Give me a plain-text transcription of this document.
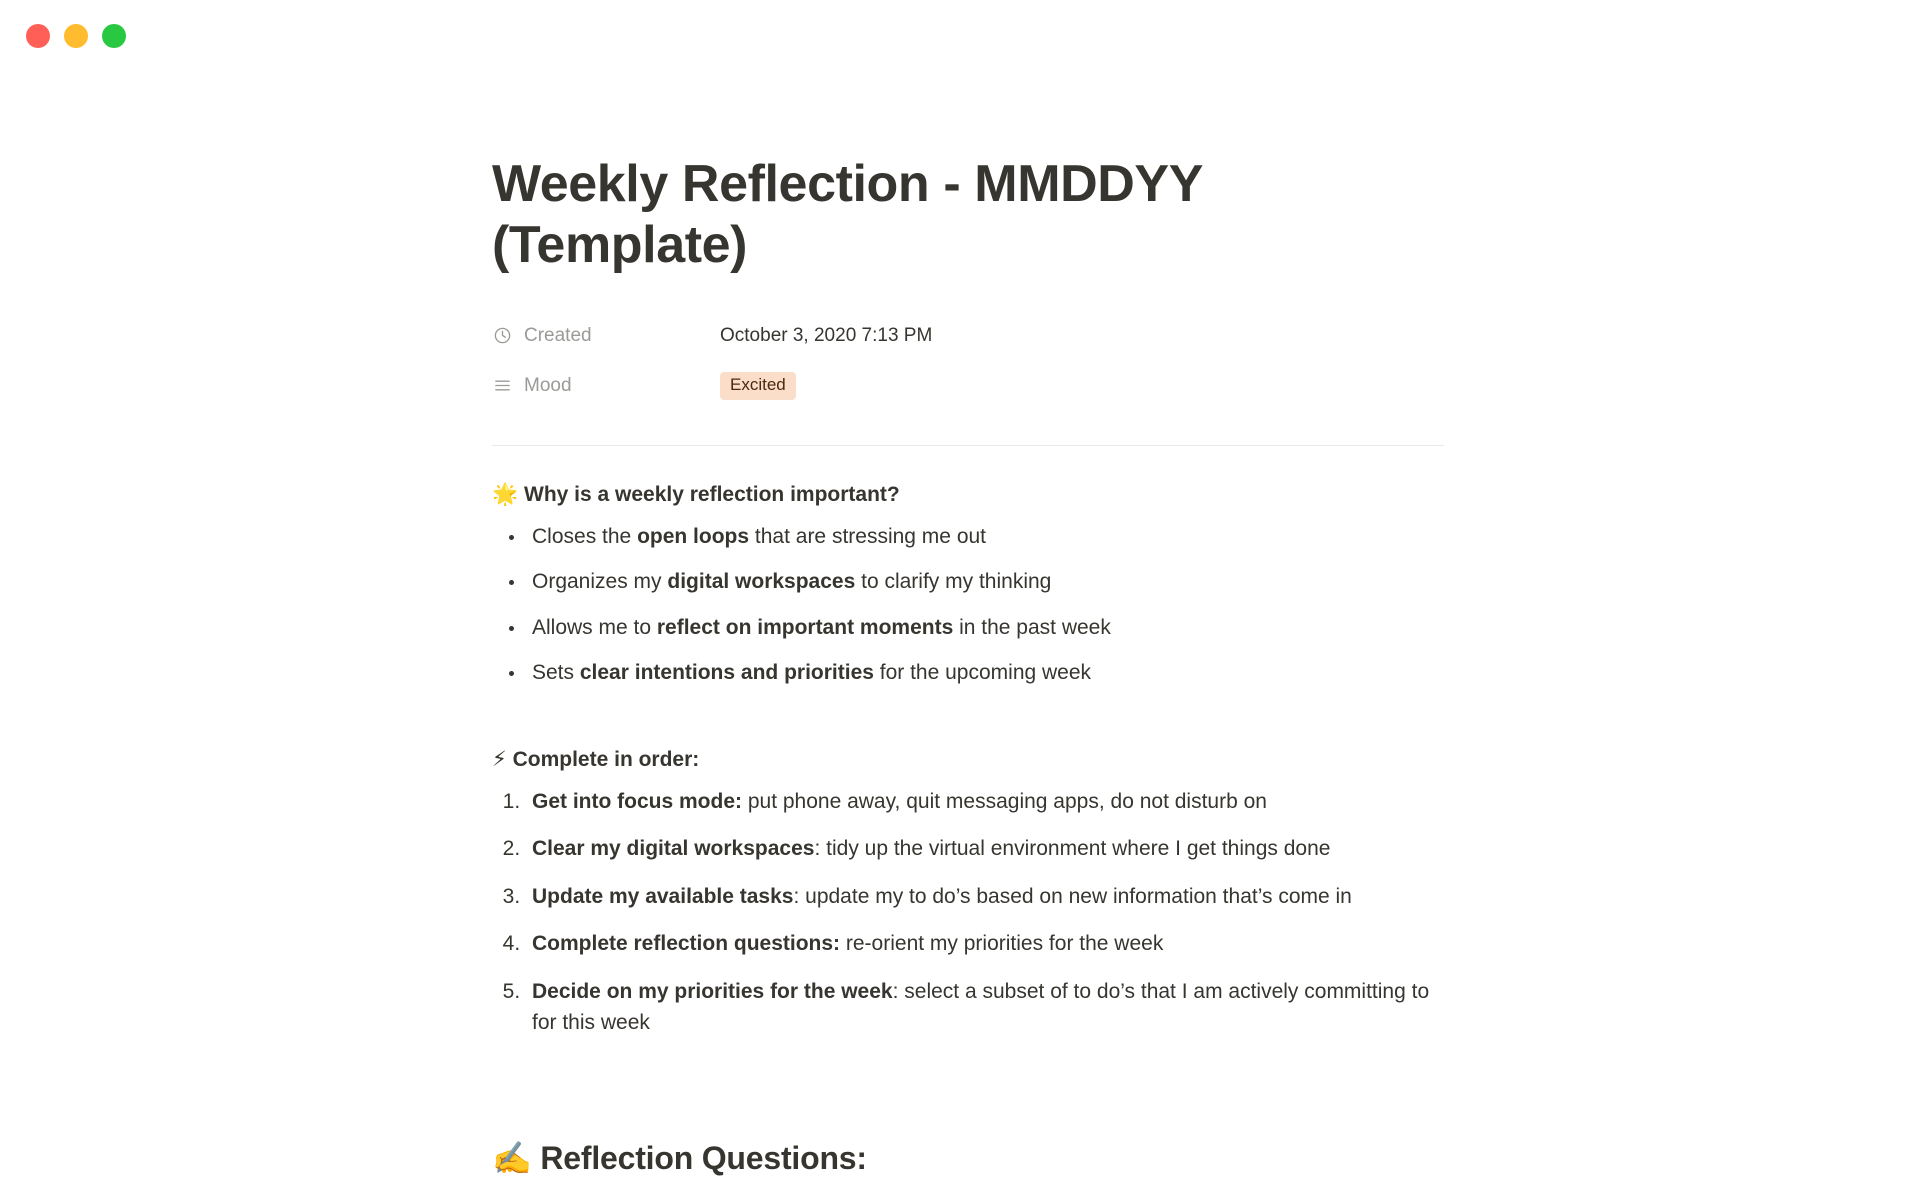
Weekly Reflection - MMDDYY (Template)
Created	October 3, 2020 7:13 PM
Mood	Excited
🌟 Why is a weekly reflection important?
• Closes the open loops that are stressing me out
• Organizes my digital workspaces to clarify my thinking
• Allows me to reflect on important moments in the past week
• Sets clear intentions and priorities for the upcoming week
⚡ Complete in order:
1. Get into focus mode: put phone away, quit messaging apps, do not disturb on
2. Clear my digital workspaces: tidy up the virtual environment where I get things done
3. Update my available tasks: update my to do’s based on new information that’s come in
4. Complete reflection questions: re-orient my priorities for the week
5. Decide on my priorities for the week: select a subset of to do’s that I am actively committing to for this week
✍️ Reflection Questions:
